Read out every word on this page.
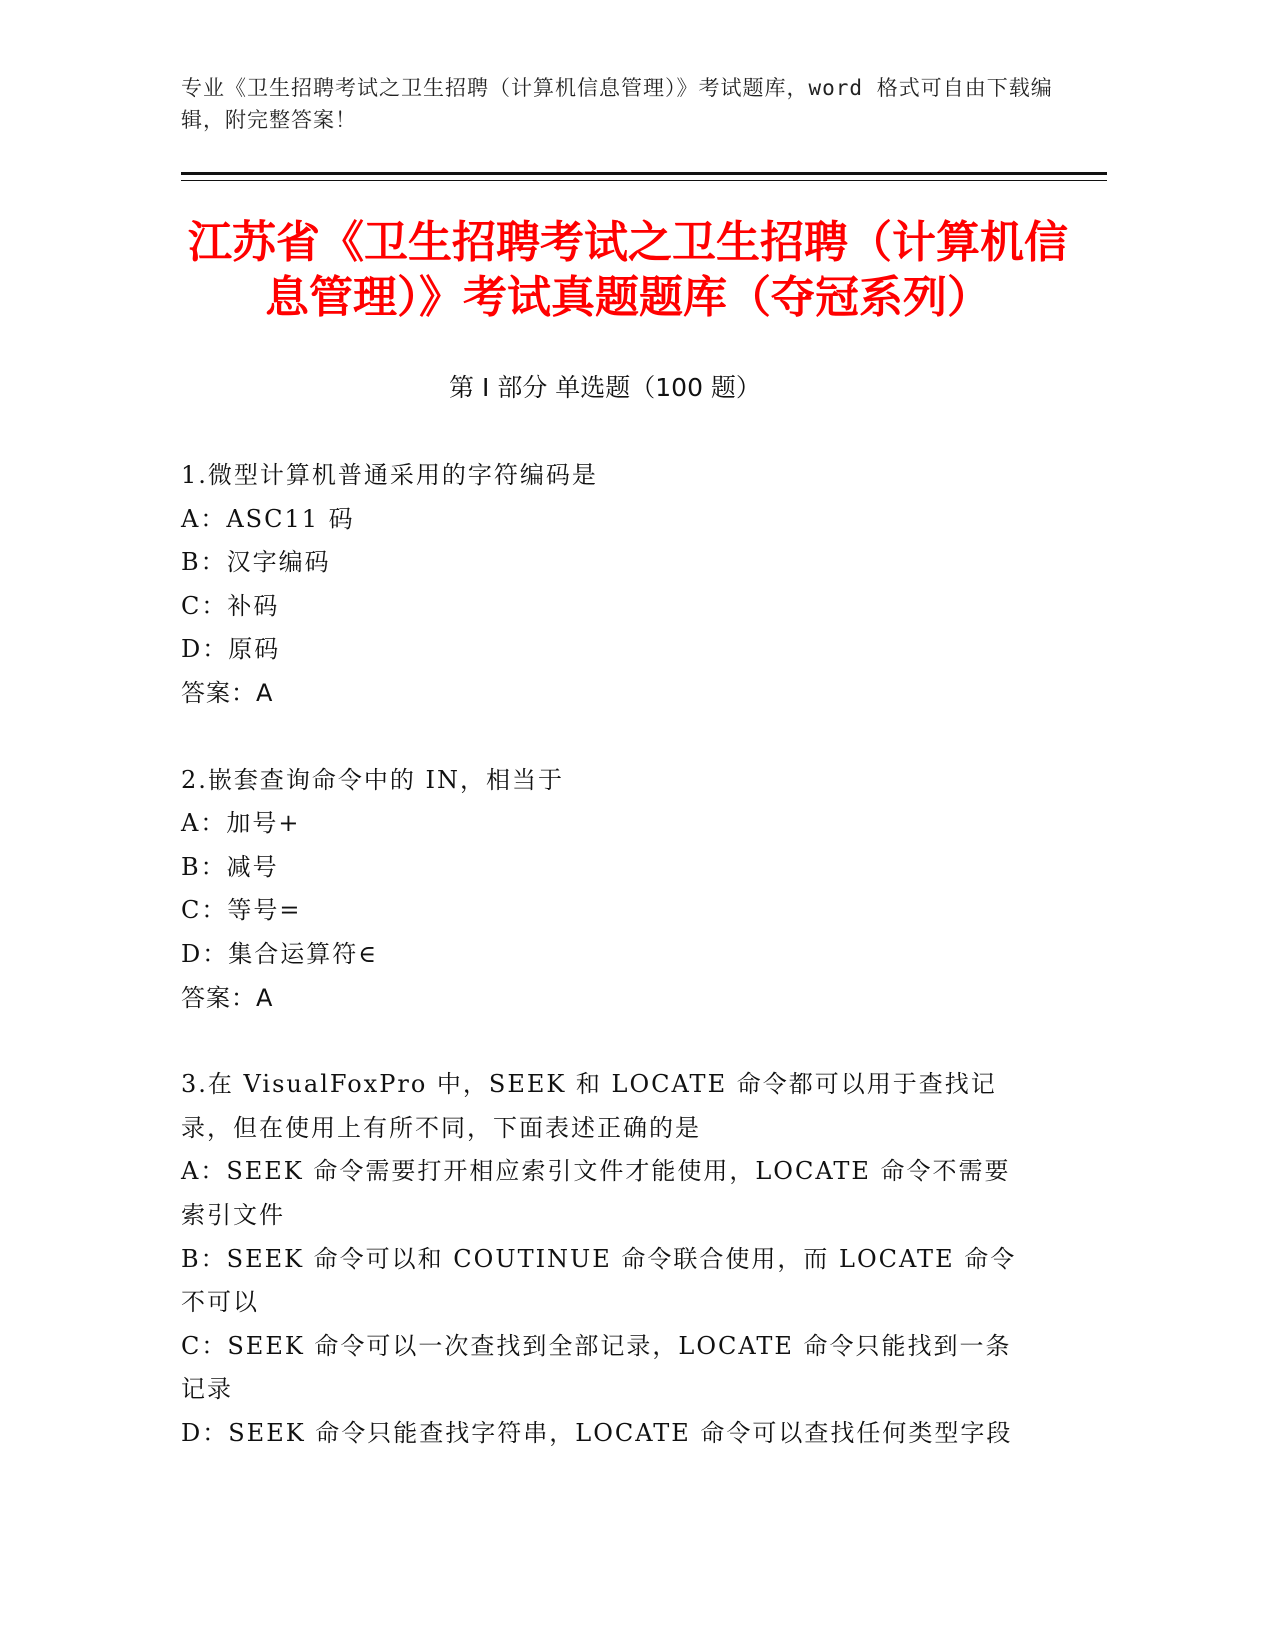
专业《卫生招聘考试之卫生招聘（计算机信息管理）》考试题库，word 格式可自由下载编辑，附完整答案！
江苏省《卫生招聘考试之卫生招聘（计算机信息管理）》考试真题题库（夺冠系列）
第 I 部分 单选题（100 题）
1.微型计算机普通采用的字符编码是
A：ASC11 码
B：汉字编码
C：补码
D：原码
答案：A
2.嵌套查询命令中的 IN，相当于
A：加号+
B：减号
C：等号=
D：集合运算符∈
答案：A
3.在 VisualFoxPro 中，SEEK 和 LOCATE 命令都可以用于查找记录，但在使用上有所不同，下面表述正确的是
A：SEEK 命令需要打开相应索引文件才能使用，LOCATE 命令不需要索引文件
B：SEEK 命令可以和 COUTINUE 命令联合使用，而 LOCATE 命令不可以
C：SEEK 命令可以一次查找到全部记录，LOCATE 命令只能找到一条记录
D：SEEK 命令只能查找字符串，LOCATE 命令可以查找任何类型字段
